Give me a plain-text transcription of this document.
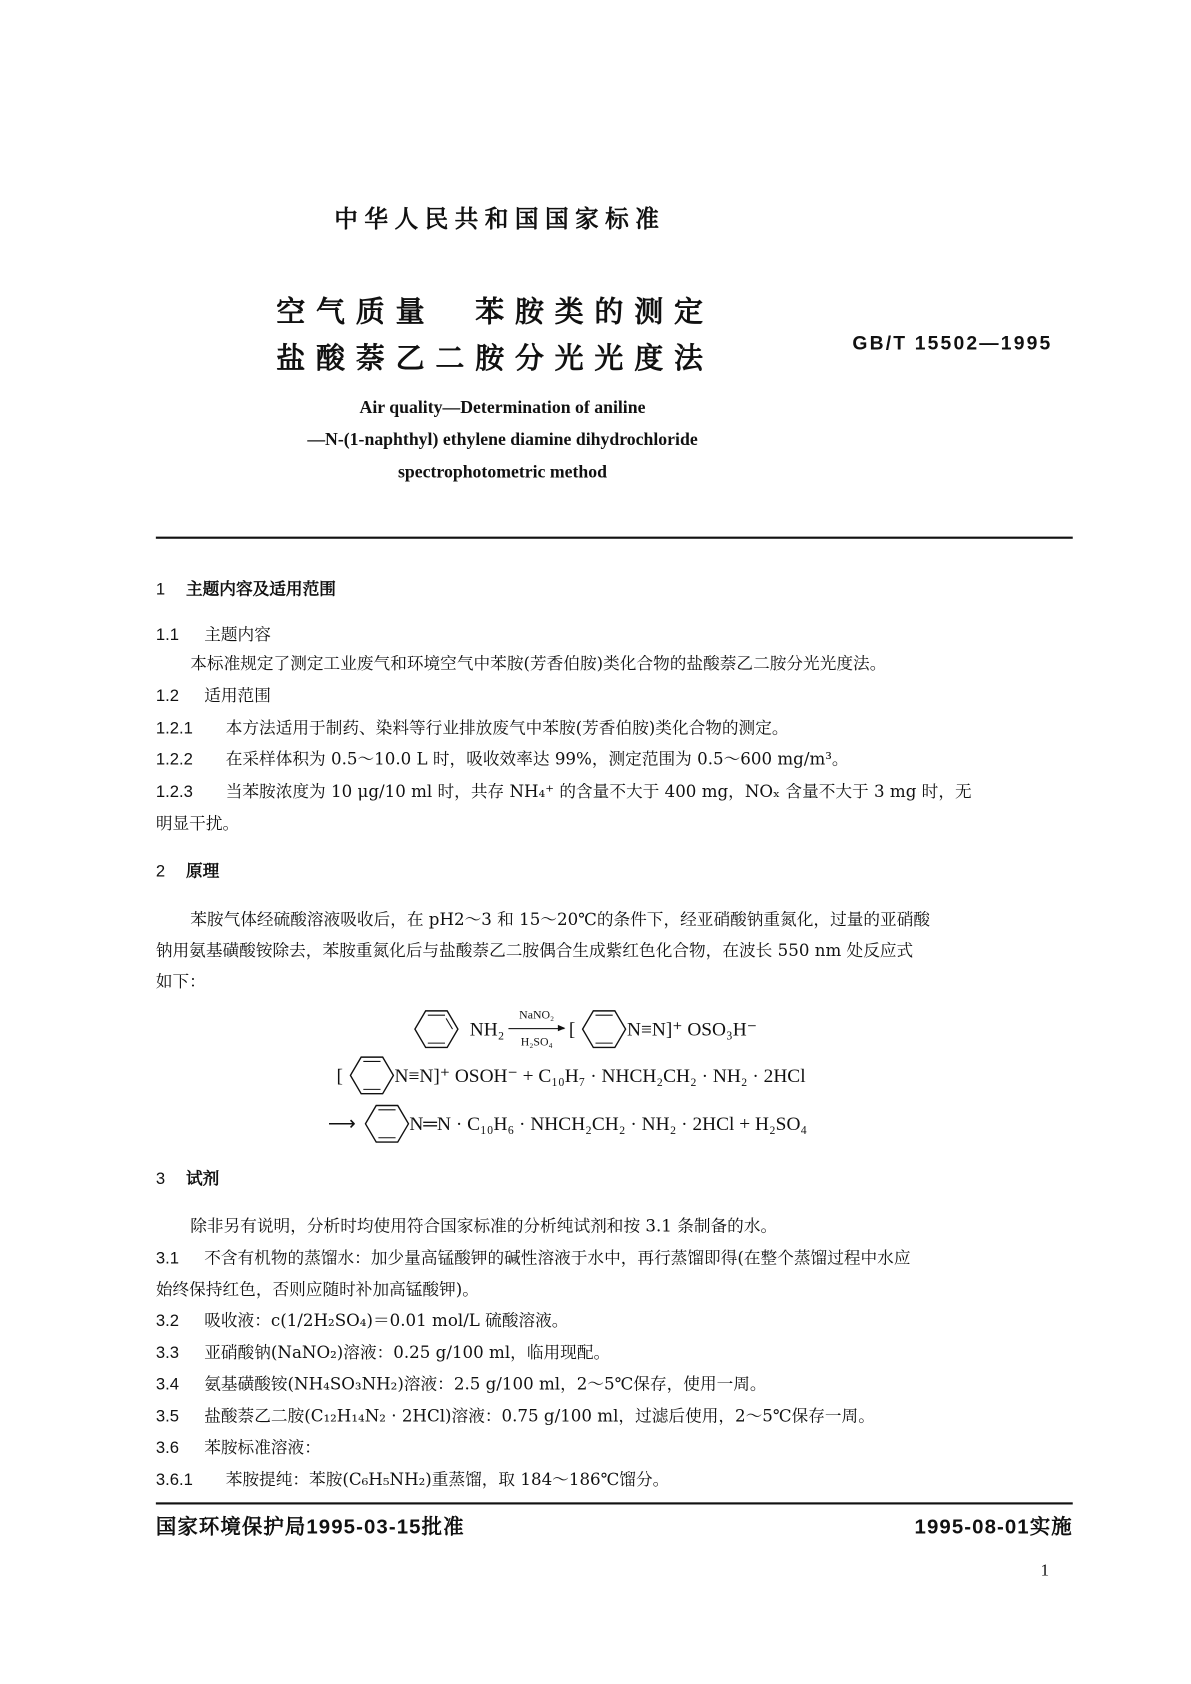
中华人民共和国国家标准
空气质量　苯胺类的测定
盐酸萘乙二胺分光光度法	GB/T 15502—1995
Air quality—Determination of aniline
—N-(1-naphthyl) ethylene diamine dihydrochloride
spectrophotometric method
1 主题内容及适用范围
1.1 主题内容
本标准规定了测定工业废气和环境空气中苯胺(芳香伯胺)类化合物的盐酸萘乙二胺分光光度法。
1.2 适用范围
1.2.1 本方法适用于制药、染料等行业排放废气中苯胺(芳香伯胺)类化合物的测定。
1.2.2 在采样体积为 0.5～10.0 L 时，吸收效率达 99%，测定范围为 0.5～600 mg/m³。
1.2.3 当苯胺浓度为 10 μg/10 ml 时，共存 NH₄⁺ 的含量不大于 400 mg，NOₓ 含量不大于 3 mg 时，无
明显干扰。
2 原理
苯胺气体经硫酸溶液吸收后，在 pH2～3 和 15～20℃的条件下，经亚硝酸钠重氮化，过量的亚硝酸
钠用氨基磺酸铵除去，苯胺重氮化后与盐酸萘乙二胺偶合生成紫红色化合物，在波长 550 nm 处反应式
如下：
NH₂
NaNO₂
H₂SO₄
[	N≡N]⁺ OSO₃H⁻
[	N≡N]⁺ OSOH⁻ + C₁₀H₇ · NHCH₂CH₂ · NH₂ · 2HCl
⟶	N═N · C₁₀H₆ · NHCH₂CH₂ · NH₂ · 2HCl + H₂SO₄
3 试剂
除非另有说明，分析时均使用符合国家标准的分析纯试剂和按 3.1 条制备的水。
3.1 不含有机物的蒸馏水：加少量高锰酸钾的碱性溶液于水中，再行蒸馏即得(在整个蒸馏过程中水应
始终保持红色，否则应随时补加高锰酸钾)。
3.2 吸收液：c(1/2H₂SO₄)＝0.01 mol/L 硫酸溶液。
3.3 亚硝酸钠(NaNO₂)溶液：0.25 g/100 ml，临用现配。
3.4 氨基磺酸铵(NH₄SO₃NH₂)溶液：2.5 g/100 ml，2～5℃保存，使用一周。
3.5 盐酸萘乙二胺(C₁₂H₁₄N₂ · 2HCl)溶液：0.75 g/100 ml，过滤后使用，2～5℃保存一周。
3.6 苯胺标准溶液：
3.6.1 苯胺提纯：苯胺(C₆H₅NH₂)重蒸馏，取 184～186℃馏分。
国家环境保护局1995-03-15批准	1995-08-01实施
1
